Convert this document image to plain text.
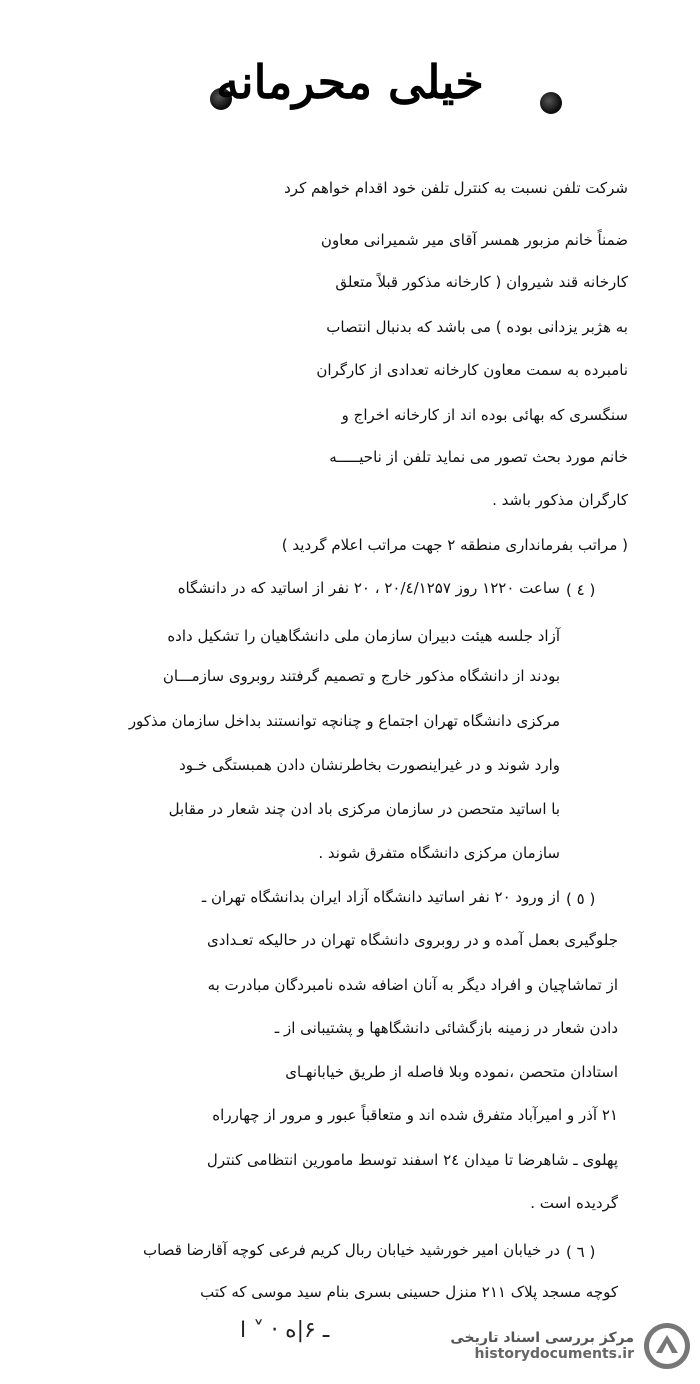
خیلی محرمانه
شرکت تلفن نسبت به کنترل تلفن خود اقدام خواهم کرد
ضمناً خانم مزبور همسر آقای میر شمیرانی معاون
کارخانه قند شیروان ( کارخانه مذکور قبلاً متعلق
به هژبر یزدانی بوده ) می باشد که بدنبال انتصاب
نامبرده به سمت معاون کارخانه تعدادی از کارگران
سنگسری که بهائی بوده اند از کارخانه اخراج و
خانم مورد بحث تصور می نماید تلفن از ناحیـــــه
کارگران مذکور باشد .
( مراتب بفرمانداری منطقه ۲ جهت مراتب اعلام گردید )
( ٤ )
ساعت ۱۲۲۰ روز ۲۰/٤/۱۲۵۷ ، ۲۰ نفر از اساتید که در دانشگاه
آزاد جلسه هیئت دبیران سازمان ملی دانشگاهیان را تشکیل داده
بودند از دانشگاه مذکور خارج و تصمیم گرفتند روبروی سازمـــان
مرکزی دانشگاه تهران اجتماع و چنانچه توانستند بداخل سازمان مذکور
وارد شوند و در غیراینصورت بخاطرنشان دادن همبستگی خـود
با اساتید متحصن در سازمان مرکزی باد ادن چند شعار در مقابل
سازمان مرکزی دانشگاه متفرق شوند .
( ٥ )
از ورود ۲۰ نفر اساتید دانشگاه آزاد ایران بدانشگاه تهران ـ
جلوگیری بعمل آمده و در روبروی دانشگاه تهران در حالیکه تعـدادی
از تماشاچیان و افراد دیگر به آنان اضافه شده نامبردگان مبادرت به
دادن شعار در زمینه بازگشائی دانشگاهها و پشتیبانی از ـ
استادان متحصن ،نموده وبلا فاصله از طریق خیابانهـای
۲۱ آذر و امیرآباد متفرق شده اند و متعاقباً عبور و مرور از چهارراه
پهلوی ـ شاهرضا تا میدان ۲٤ اسفند توسط مامورین انتظامی کنترل
گردیده است .
( ٦ )
در خیابان امیر خورشید خیابان ربال کریم فرعی کوچه آقارضا قصاب
کوچه مسجد پلاک ۲۱۱ منزل حسینی بسری بنام سید موسی که کتب
ـ ۶|ه · ˅ ا	مرکز بررسی اسناد تاریخی
historydocuments.ir
